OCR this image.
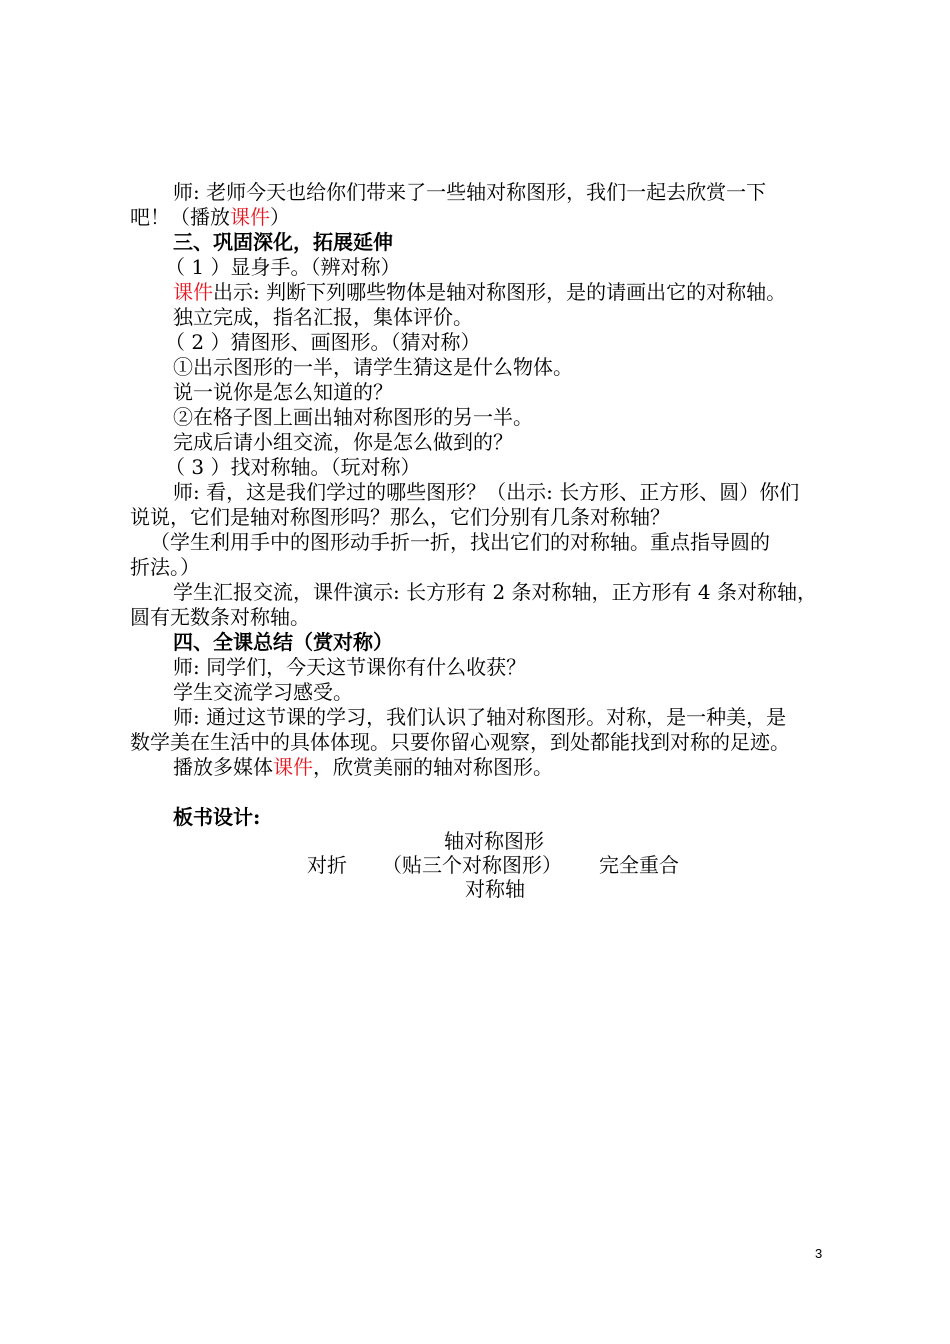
师: 老师今天也给你们带来了一些轴对称图形，我们一起去欣赏一下
吧！（播放课件）
三、巩固深化，拓展延伸
（ 1 ）显身手。（辨对称）
课件出示: 判断下列哪些物体是轴对称图形，是的请画出它的对称轴。
独立完成，指名汇报，集体评价。
（ 2 ）猜图形、画图形。（猜对称）
①出示图形的一半，请学生猜这是什么物体。
说一说你是怎么知道的？
②在格子图上画出轴对称图形的另一半。
完成后请小组交流，你是怎么做到的？
（ 3 ）找对称轴。（玩对称）
师: 看，这是我们学过的哪些图形？（出示: 长方形、正方形、圆）你们
说说，它们是轴对称图形吗？那么，它们分别有几条对称轴？
（学生利用手中的图形动手折一折，找出它们的对称轴。重点指导圆的
折法。）
学生汇报交流，课件演示: 长方形有 2 条对称轴，正方形有 4 条对称轴，
圆有无数条对称轴。
四、全课总结（赏对称）
师: 同学们，今天这节课你有什么收获？
学生交流学习感受。
师: 通过这节课的学习，我们认识了轴对称图形。对称，是一种美，是
数学美在生活中的具体体现。只要你留心观察，到处都能找到对称的足迹。
播放多媒体课件，欣赏美丽的轴对称图形。
板书设计:
轴对称图形
对折 （贴三个对称图形） 完全重合
对称轴
3
